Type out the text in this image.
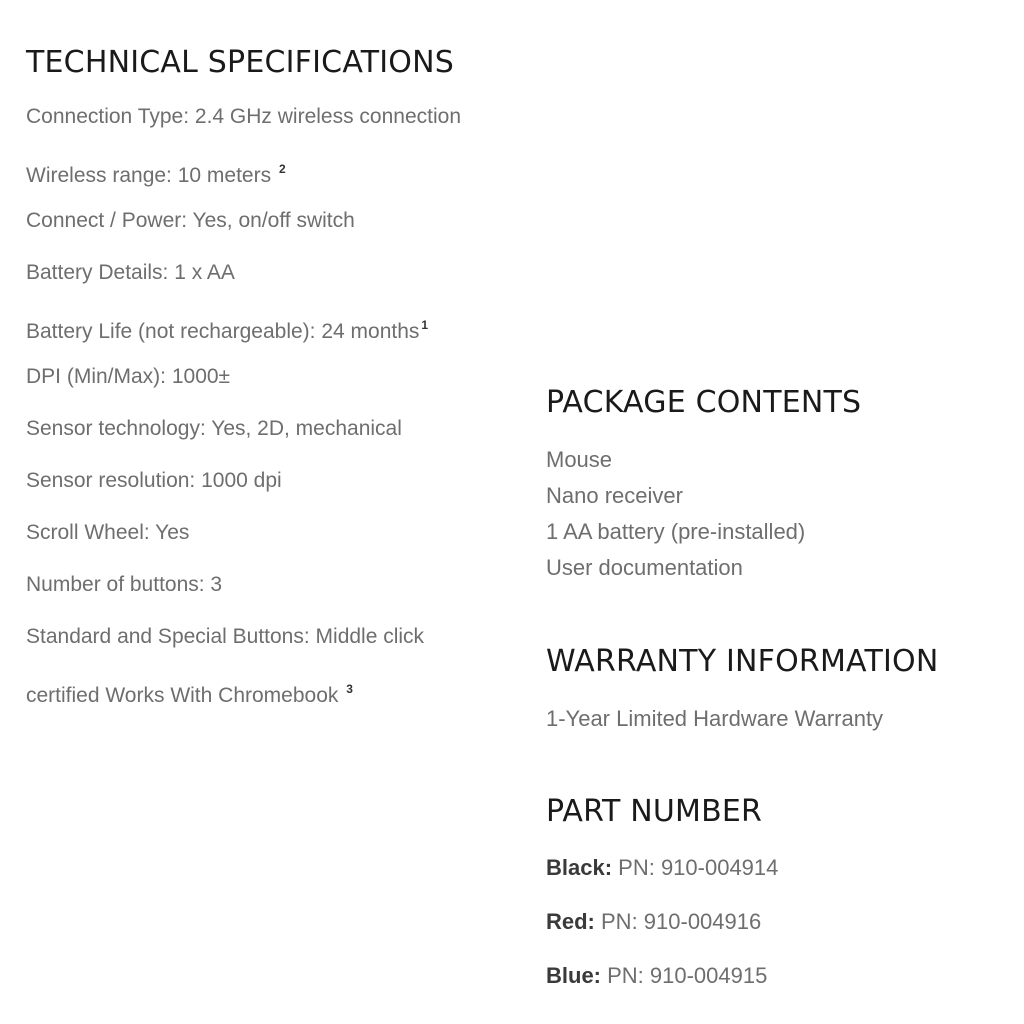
TECHNICAL SPECIFICATIONS
Connection Type: 2.4 GHz wireless connection
Wireless range: 10 meters $^2$
Connect / Power: Yes, on/off switch
Battery Details: 1 x AA
Battery Life (not rechargeable): 24 months $^1$
DPI (Min/Max): 1000±
Sensor technology: Yes, 2D, mechanical
Sensor resolution: 1000 dpi
Scroll Wheel: Yes
Number of buttons: 3
Standard and Special Buttons: Middle click
certified Works With Chromebook $^3$
PACKAGE CONTENTS
Mouse
Nano receiver
1 AA battery (pre-installed)
User documentation
WARRANTY INFORMATION

1-Year Limited Hardware Warranty

PART NUMBER
Black: PN: 910-004914
Red: PN: 910-004916
Blue: PN: 910-004915
